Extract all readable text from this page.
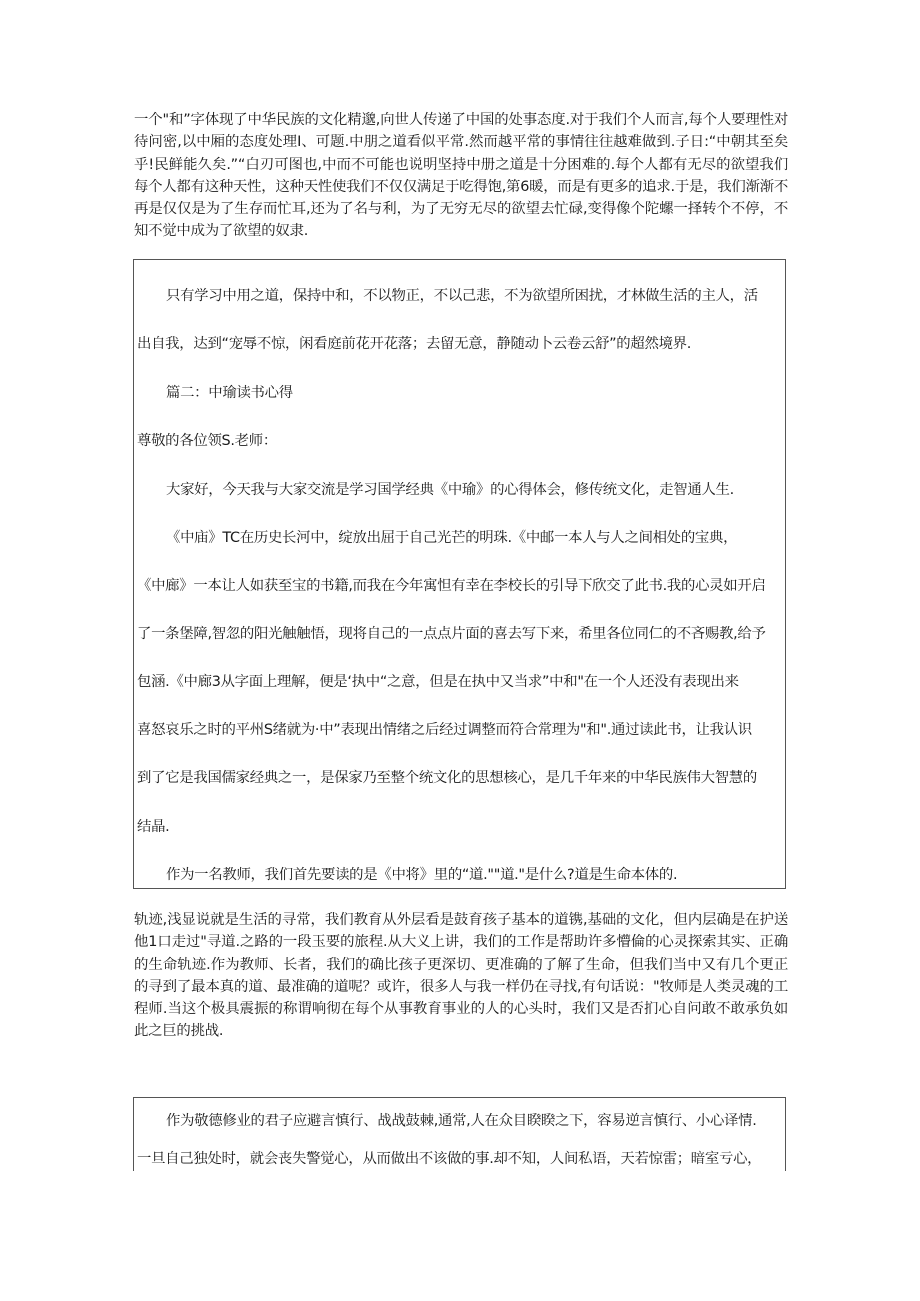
一个"和”字体现了中华民族的文化精邈,向世人传递了中国的处事态度.对于我们个人而言,每个人要理性对待问密,以中厢的态度处理I、可题.中朋之道看似平常.然而越平常的事情往往越难做到.子日:“中朝其至矣乎!民鲜能久矣.”“白刃可图也,中而不可能也说明坚持中册之道是十分困难的.每个人都有无尽的欲望我们每个人都有这种天性，这种天性使我们不仅仅满足于吃得饱,第6暖，而是有更多的追求.于是，我们渐渐不再是仅仅是为了生存而忙耳,还为了名与利，为了无穷无尽的欲望去忙碌,变得像个陀螺一择转个不停，不知不觉中成为了欲望的奴隶.

只有学习中用之道，保持中和，不以物正，不以己悲，不为欲望所困扰，才林做生活的主人，活
出自我，达到“宠辱不惊，闲看庭前花开花落；去留无意，静随动卜云卷云舒”的超然境界.
篇二：中瑜读书心得
尊敬的各位领S.老师：
大家好，今天我与大家交流是学习国学经典《中瑜》的心得体会，修传统文化，走智通人生.
《中庙》TC在历史长河中，绽放出屈于自己光芒的明珠.《中邮一本人与人之间相处的宝典，
《中廊》一本让人如获至宝的书籍,而我在今年寓怛有幸在李校长的引导下欣交了此书.我的心灵如开启
了一条堡障,智忽的阳光触触悟，现将自己的一点点片面的喜去写下来，希里各位同仁的不吝赐教,给予
包涵.《中廊3从字面上理解，便是‘执中“之意，但是在执中又当求”中和"在一个人还没有表现出来
喜怒哀乐之时的平州S绪就为·中”表现出情绪之后经过调整而符合常理为"和".通过读此书，让我认识
到了它是我国儒家经典之一，是保家乃至整个统文化的思想核心，是几千年来的中华民族伟大智慧的
结晶.
作为一名教师，我们首先要读的是《中将》里的“道.""道."是什么?道是生命本体的.

轨迹,浅显说就是生活的寻常，我们教育从外层看是鼓育孩子基本的道镌,基础的文化，但内层确是在护送他1口走过"寻道.之路的一段玉要的旅程.从大义上讲，我们的工作是帮助许多懵倫的心灵探索其实、正确的生命轨迹.作为教师、长者，我们的确比孩子更深切、更准确的了解了生命，但我们当中又有几个更正的寻到了最本真的道、最准确的道呢？或许，很多人与我一样仍在寻找,有句话说："牧师是人类灵魂的工程师.当这个极具震振的称谓响彻在每个从事教育事业的人的心头时，我们又是否扪心自问敢不敢承负如此之巨的挑战.

作为敬德修业的君子应避言慎行、战战鼓棘,通常,人在众目睽睽之下，容易逆言慎行、小心译情.
一旦自己独处时，就会丧失警觉心，从而做出不该做的事.却不知，人间私语，天若惊雷；暗室亏心，
